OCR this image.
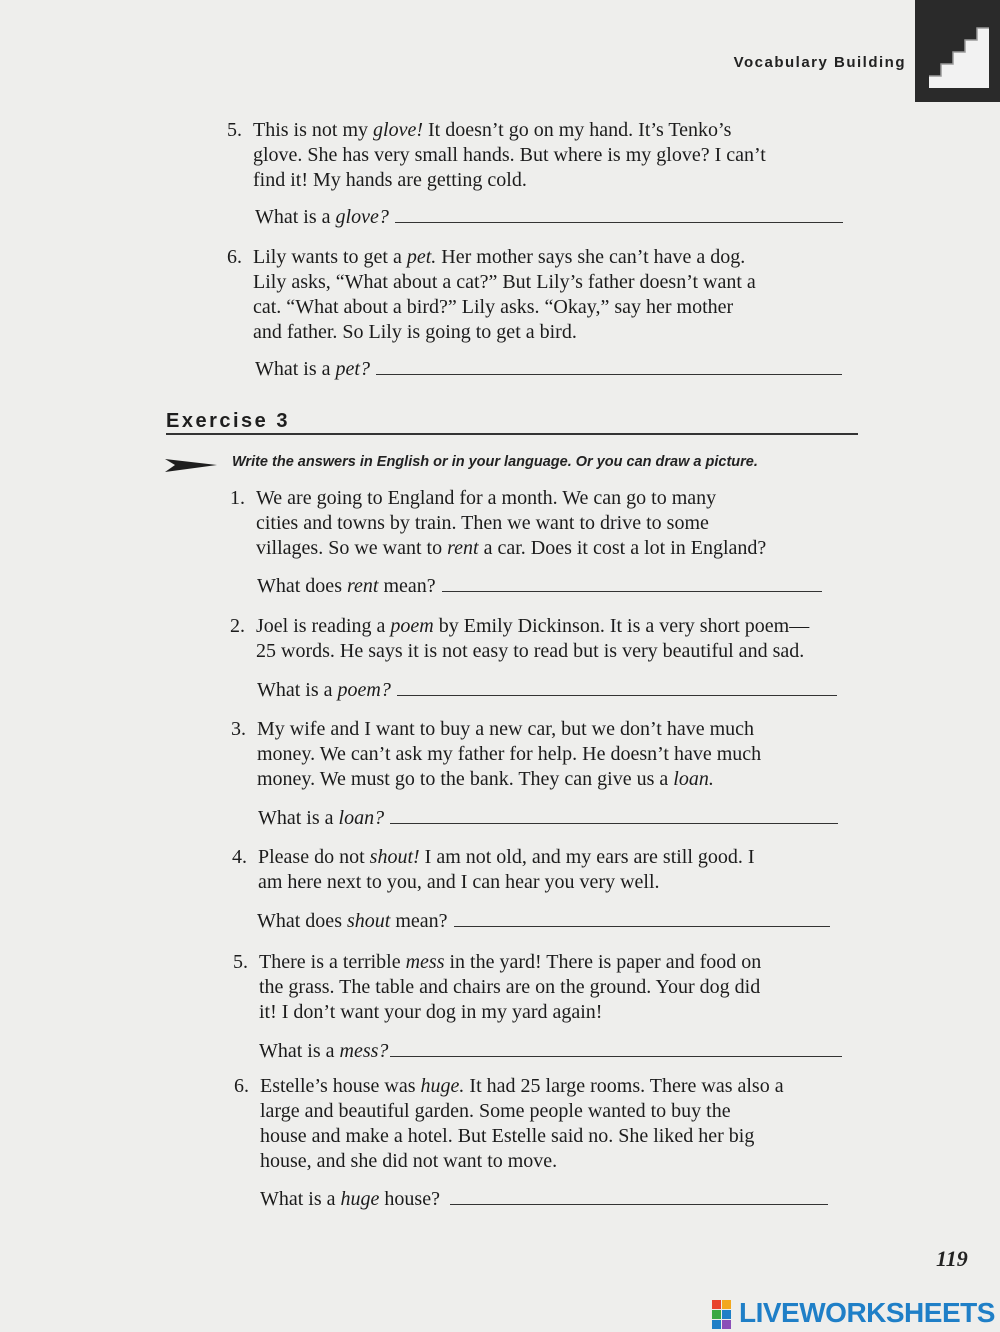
Vocabulary Building
5. This is not my glove! It doesn’t go on my hand. It’s Tenko’s
glove. She has very small hands. But where is my glove? I can’t
find it! My hands are getting cold.
What is a glove?
6. Lily wants to get a pet. Her mother says she can’t have a dog.
Lily asks, “What about a cat?” But Lily’s father doesn’t want a
cat. “What about a bird?” Lily asks. “Okay,” say her mother
and father. So Lily is going to get a bird.
What is a pet?
Exercise 3
Write the answers in English or in your language. Or you can draw a picture.
1. We are going to England for a month. We can go to many
cities and towns by train. Then we want to drive to some
villages. So we want to rent a car. Does it cost a lot in England?
What does rent mean?
2. Joel is reading a poem by Emily Dickinson. It is a very short poem—
25 words. He says it is not easy to read but is very beautiful and sad.
What is a poem?
3. My wife and I want to buy a new car, but we don’t have much
money. We can’t ask my father for help. He doesn’t have much
money. We must go to the bank. They can give us a loan.
What is a loan?
4. Please do not shout! I am not old, and my ears are still good. I
am here next to you, and I can hear you very well.
What does shout mean?
5. There is a terrible mess in the yard! There is paper and food on
the grass. The table and chairs are on the ground. Your dog did
it! I don’t want your dog in my yard again!
What is a mess?
6. Estelle’s house was huge. It had 25 large rooms. There was also a
large and beautiful garden. Some people wanted to buy the
house and make a hotel. But Estelle said no. She liked her big
house, and she did not want to move.
What is a huge house?
119
LIVEWORKSHEETS
